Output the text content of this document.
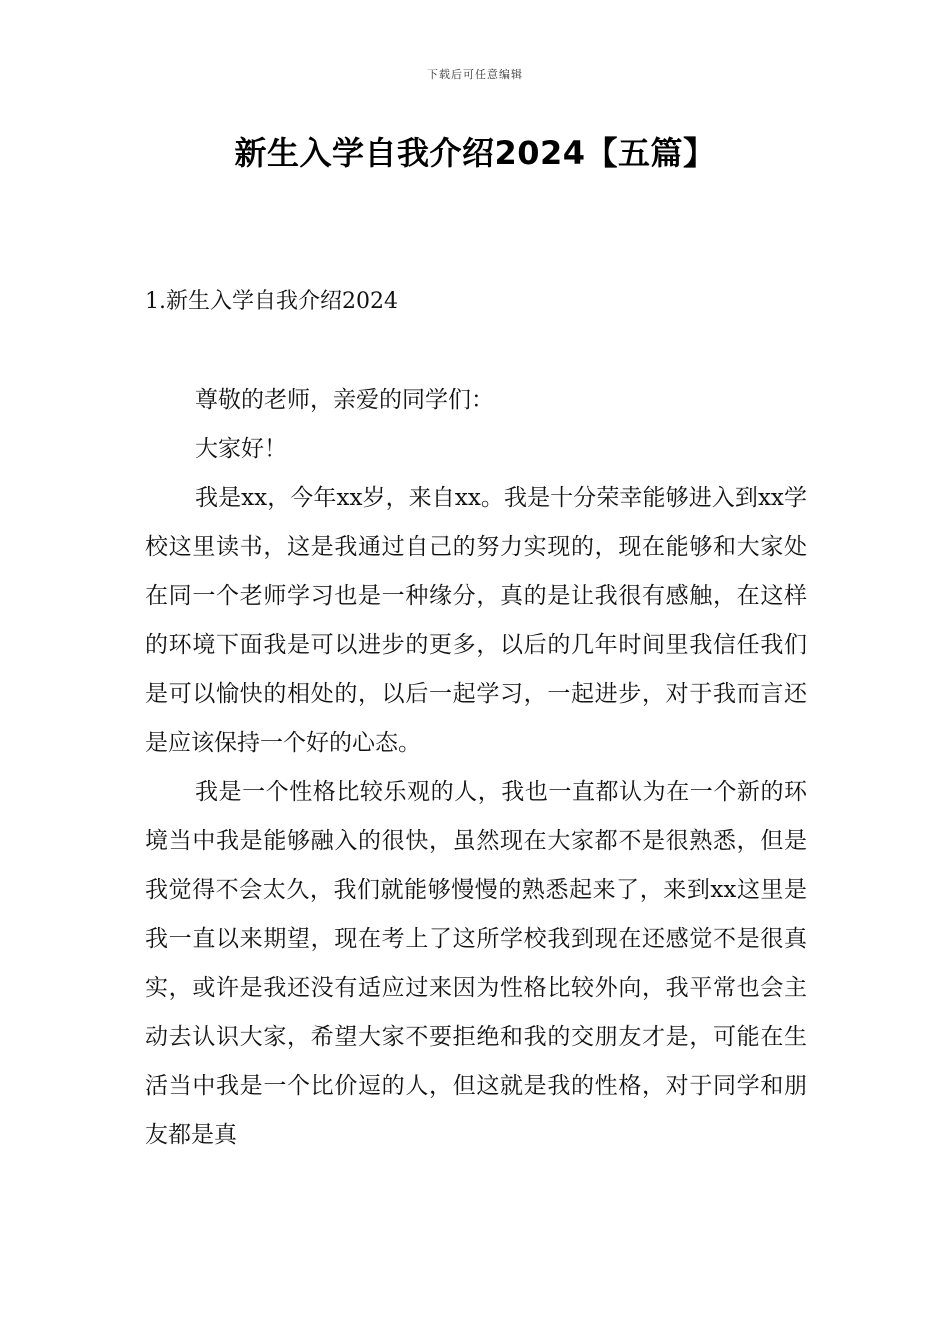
下载后可任意编辑
新生入学自我介绍2024【五篇】
1.新生入学自我介绍2024

尊敬的老师，亲爱的同学们：

大家好！

我是xx，今年xx岁，来自xx。我是十分荣幸能够进入到xx学校这里读书，这是我通过自己的努力实现的，现在能够和大家处在同一个老师学习也是一种缘分，真的是让我很有感触，在这样的环境下面我是可以进步的更多，以后的几年时间里我信任我们是可以愉快的相处的，以后一起学习，一起进步，对于我而言还是应该保持一个好的心态。

我是一个性格比较乐观的人，我也一直都认为在一个新的环境当中我是能够融入的很快，虽然现在大家都不是很熟悉，但是我觉得不会太久，我们就能够慢慢的熟悉起来了，来到xx这里是我一直以来期望，现在考上了这所学校我到现在还感觉不是很真实，或许是我还没有适应过来因为性格比较外向，我平常也会主动去认识大家，希望大家不要拒绝和我的交朋友才是，可能在生活当中我是一个比价逗的人，但这就是我的性格，对于同学和朋友都是真
